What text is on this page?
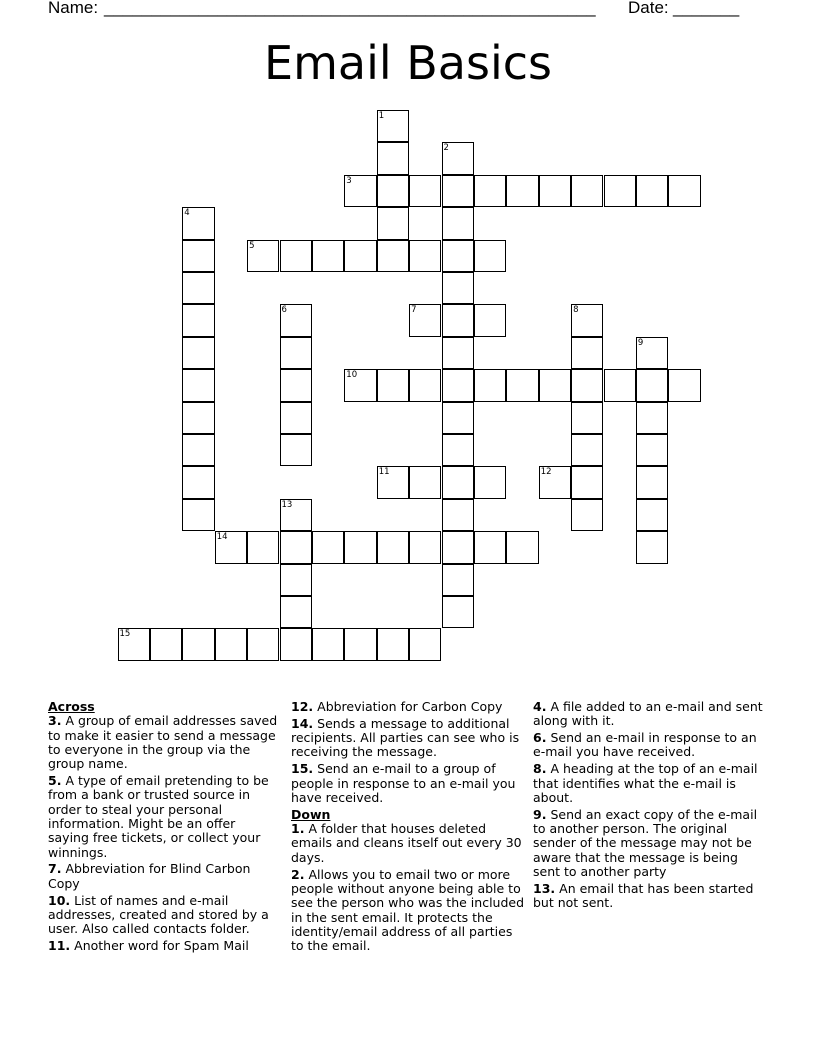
Name:

____________________________________________________

Date:

_______

Email Basics
1
2
3
4
5
6	7	8
9
10
11	12
13
14
15
Across
3. A group of email addresses saved to make it easier to send a message to everyone in the group via the group name.
5. A type of email pretending to be from a bank or trusted source in order to steal your personal information. Might be an offer saying free tickets, or collect your winnings.
7. Abbreviation for Blind Carbon Copy
10. List of names and e-mail addresses, created and stored by a user. Also called contacts folder.
11. Another word for Spam Mail
12. Abbreviation for Carbon Copy
14. Sends a message to additional recipients. All parties can see who is receiving the message.
15. Send an e-mail to a group of people in response to an e-mail you have received.
Down
1. A folder that houses deleted emails and cleans itself out every 30 days.
2. Allows you to email two or more people without anyone being able to see the person who was the included in the sent email. It protects the identity/email address of all parties to the email.
4. A file added to an e-mail and sent along with it.
6. Send an e-mail in response to an e-mail you have received.
8. A heading at the top of an e-mail that identifies what the e-mail is about.
9. Send an exact copy of the e-mail to another person. The original sender of the message may not be aware that the message is being sent to another party
13. An email that has been started but not sent.
